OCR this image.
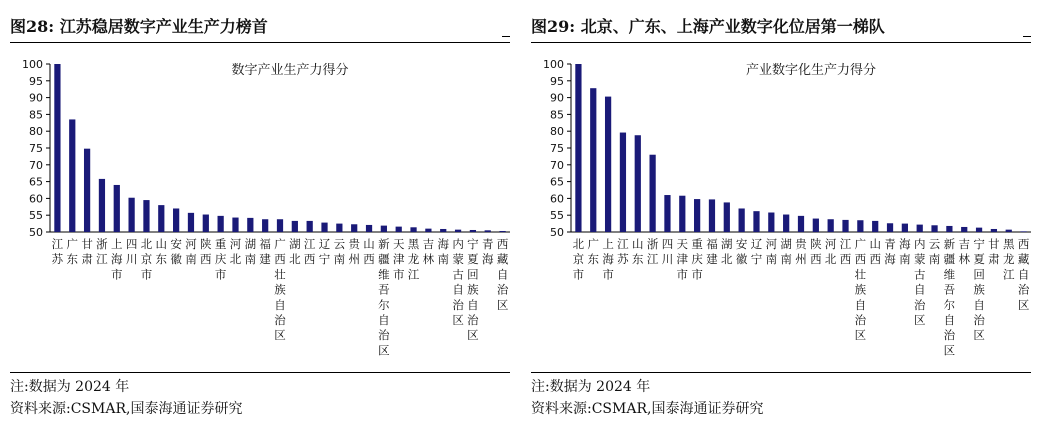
图28: 江苏稳居数字产业生产力榜首
数字产业生产力得分
50
55
60
65
70
75
80
85
90
95
100
江
苏
广
东
甘
肃
浙
江
上
海
市
四
川
北
京
市
山
东
安
徽
河
南
陕
西
重
庆
市
河
北
湖
南
福
建
广
西
壮
族
自
治
区
湖
北
江
西
辽
宁
云
南
贵
州
山
西
新
疆
维
吾
尔
自
治
区
天
津
市
黑
龙
江
吉
林
海
南
内
蒙
古
自
治
区
宁
夏
回
族
自
治
区
青
海
西
藏
自
治
区
注:数据为 2024 年
资料来源:CSMAR,国泰海通证券研究
图29: 北京、广东、上海产业数字化位居第一梯队
产业数字化生产力得分
50
55
60
65
70
75
80
85
90
95
100
北
京
市
广
东
上
海
市
江
苏
山
东
浙
江
四
川
天
津
市
重
庆
市
福
建
湖
北
安
徽
辽
宁
河
南
湖
南
贵
州
陕
西
河
北
江
西
广
西
壮
族
自
治
区
山
西
青
海
海
南
内
蒙
古
自
治
区
云
南
新
疆
维
吾
尔
自
治
区
吉
林
宁
夏
回
族
自
治
区
甘
肃
黑
龙
江
西
藏
自
治
区
注:数据为 2024 年
资料来源:CSMAR,国泰海通证券研究
